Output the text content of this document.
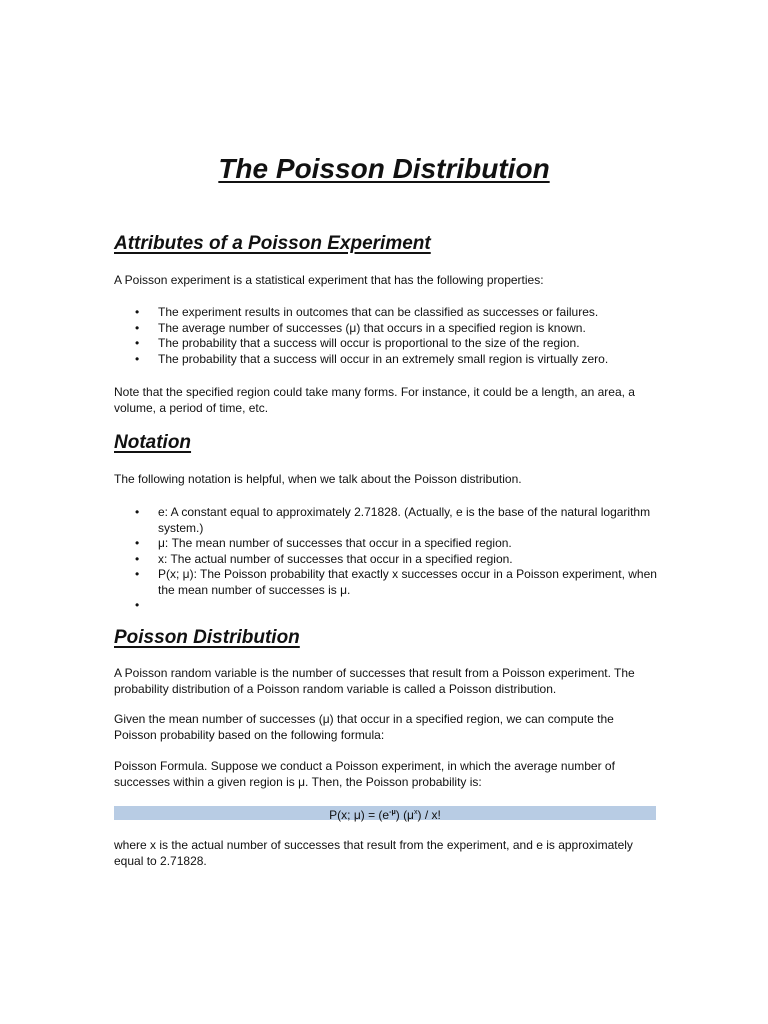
The Poisson Distribution
Attributes of a Poisson Experiment

A Poisson experiment is a statistical experiment that has the following properties:

• The experiment results in outcomes that can be classified as successes or failures.
• The average number of successes (μ) that occurs in a specified region is known.
• The probability that a success will occur is proportional to the size of the region.
• The probability that a success will occur in an extremely small region is virtually zero.

Note that the specified region could take many forms. For instance, it could be a length, an area, a volume, a period of time, etc.

Notation

The following notation is helpful, when we talk about the Poisson distribution.

• e: A constant equal to approximately 2.71828. (Actually, e is the base of the natural logarithm system.)
• μ: The mean number of successes that occur in a specified region.
• x: The actual number of successes that occur in a specified region.
• P(x; μ): The Poisson probability that exactly x successes occur in a Poisson experiment, when the mean number of successes is μ.
•
Poisson Distribution

A Poisson random variable is the number of successes that result from a Poisson experiment. The probability distribution of a Poisson random variable is called a Poisson distribution.

Given the mean number of successes (μ) that occur in a specified region, we can compute the Poisson probability based on the following formula:

Poisson Formula. Suppose we conduct a Poisson experiment, in which the average number of successes within a given region is μ. Then, the Poisson probability is:

P(x; $\mu) = (e^{-\mu})$ $(\mu^x)$ / x!

where x is the actual number of successes that result from the experiment, and e is approximately equal to 2.71828.
